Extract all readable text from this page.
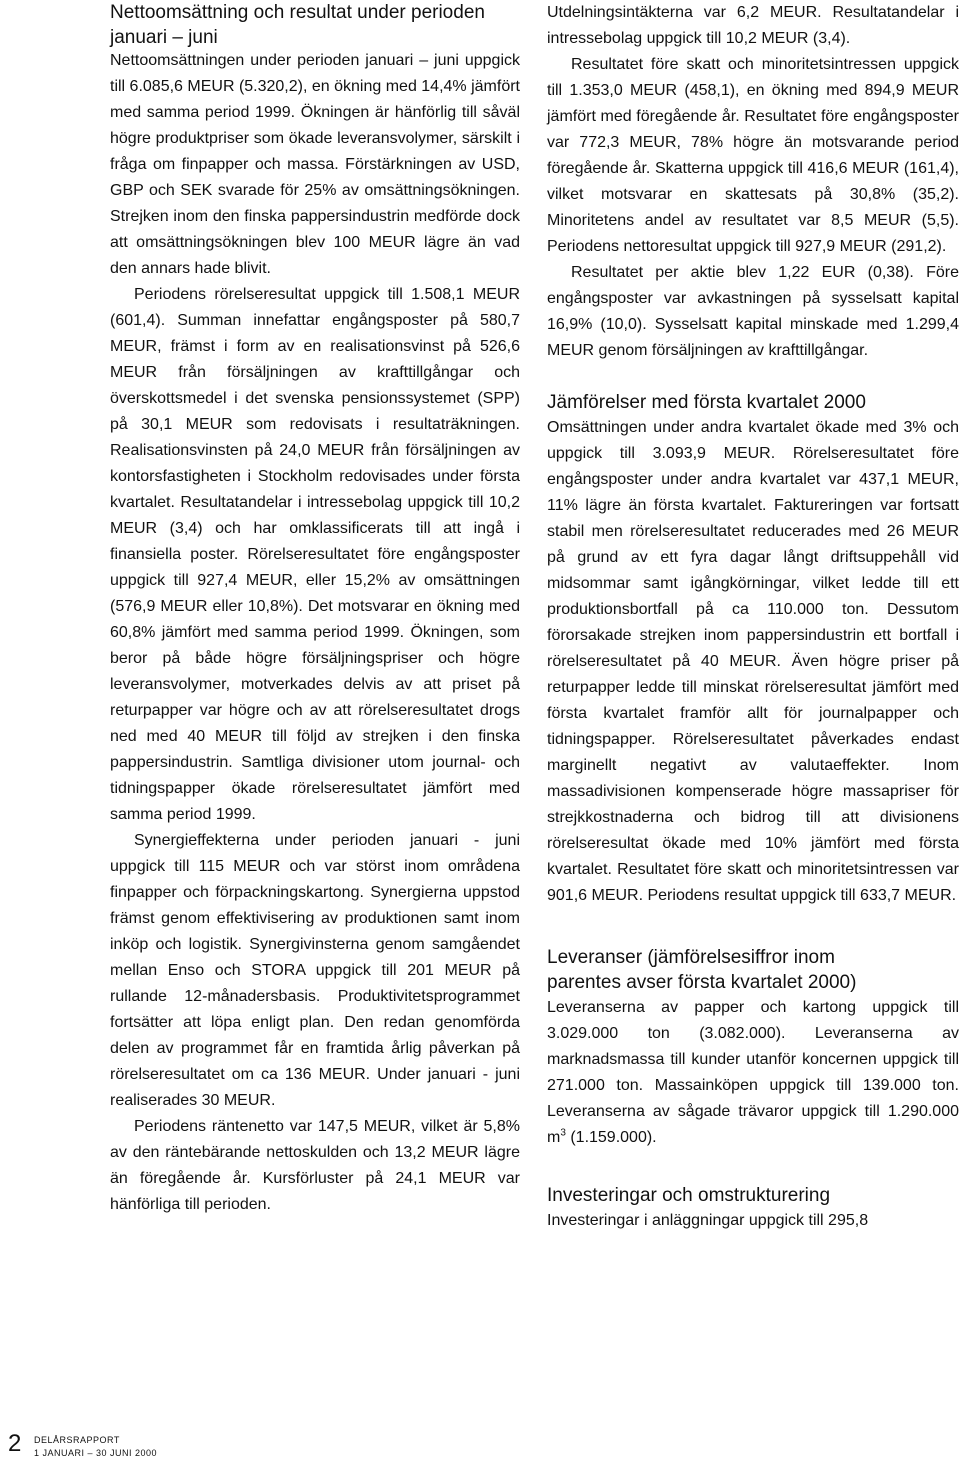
Nettoomsättning och resultat under perioden januari – juni

Nettoomsättningen under perioden januari – juni uppgick till 6.085,6 MEUR (5.320,2), en ökning med 14,4% jämfört med samma period 1999. Ökningen är hänförlig till såväl högre produktpriser som ökade leveransvolymer, särskilt i fråga om finpapper och massa. Förstärkningen av USD, GBP och SEK svarade för 25% av omsättningsökningen. Strejken inom den finska pappersindustrin medförde dock att omsättningsökningen blev 100 MEUR lägre än vad den annars hade blivit.

Periodens rörelseresultat uppgick till 1.508,1 MEUR (601,4). Summan innefattar engångsposter på 580,7 MEUR, främst i form av en realisationsvinst på 526,6 MEUR från försäljningen av krafttillgångar och överskottsmedel i det svenska pensionssystemet (SPP) på 30,1 MEUR som redovisats i resultaträkningen. Realisationsvinsten på 24,0 MEUR från försäljningen av kontorsfastigheten i Stockholm redovisades under första kvartalet. Resultatandelar i intressebolag uppgick till 10,2 MEUR (3,4) och har omklassificerats till att ingå i finansiella poster. Rörelseresultatet före engångsposter uppgick till 927,4 MEUR, eller 15,2% av omsättningen (576,9 MEUR eller 10,8%). Det motsvarar en ökning med 60,8% jämfört med samma period 1999. Ökningen, som beror på både högre försäljningspriser och högre leveransvolymer, motverkades delvis av att priset på returpapper var högre och av att rörelseresultatet drogs ned med 40 MEUR till följd av strejken i den finska pappersindustrin. Samtliga divisioner utom journal- och tidningspapper ökade rörelseresultatet jämfört med samma period 1999.

Synergieffekterna under perioden januari - juni uppgick till 115 MEUR och var störst inom områdena finpapper och förpackningskartong. Synergierna uppstod främst genom effektivisering av produktionen samt inom inköp och logistik. Synergivinsterna genom samgåendet mellan Enso och STORA uppgick till 201 MEUR på rullande 12-månadersbasis. Produktivitetsprogrammet fortsätter att löpa enligt plan. Den redan genomförda delen av programmet får en framtida årlig påverkan på rörelseresultatet om ca 136 MEUR. Under januari - juni realiserades 30 MEUR.

Periodens räntenetto var 147,5 MEUR, vilket är 5,8% av den räntebärande nettoskulden och 13,2 MEUR lägre än föregående år. Kursförluster på 24,1 MEUR var hänförliga till perioden.

Utdelningsintäkterna var 6,2 MEUR. Resultatandelar i intressebolag uppgick till 10,2 MEUR (3,4).

Resultatet före skatt och minoritetsintressen uppgick till 1.353,0 MEUR (458,1), en ökning med 894,9 MEUR jämfört med föregående år. Resultatet före engångsposter var 772,3 MEUR, 78% högre än motsvarande period föregående år. Skatterna uppgick till 416,6 MEUR (161,4), vilket motsvarar en skattesats på 30,8% (35,2). Minoritetens andel av resultatet var 8,5 MEUR (5,5). Periodens nettoresultat uppgick till 927,9 MEUR (291,2).

Resultatet per aktie blev 1,22 EUR (0,38). Före engångsposter var avkastningen på sysselsatt kapital 16,9% (10,0). Sysselsatt kapital minskade med 1.299,4 MEUR genom försäljningen av krafttillgångar.

Jämförelser med första kvartalet 2000

Omsättningen under andra kvartalet ökade med 3% och uppgick till 3.093,9 MEUR. Rörelseresultatet före engångsposter under andra kvartalet var 437,1 MEUR, 11% lägre än första kvartalet. Faktureringen var fortsatt stabil men rörelseresultatet reducerades med 26 MEUR på grund av ett fyra dagar långt driftsuppehåll vid midsommar samt igångkörningar, vilket ledde till ett produktionsbortfall på ca 110.000 ton. Dessutom förorsakade strejken inom pappersindustrin ett bortfall i rörelseresultatet på 40 MEUR. Även högre priser på returpapper ledde till minskat rörelseresultat jämfört med första kvartalet framför allt för journalpapper och tidningspapper. Rörelseresultatet påverkades endast marginellt negativt av valutaeffekter. Inom massadivisionen kompenserade högre massapriser för strejkkostnaderna och bidrog till att divisionens rörelseresultat ökade med 10% jämfört med första kvartalet. Resultatet före skatt och minoritetsintressen var 901,6 MEUR. Periodens resultat uppgick till 633,7 MEUR.

Leveranser (jämförelsesiffror inom
parentes avser första kvartalet 2000)

Leveranserna av papper och kartong uppgick till 3.029.000 ton (3.082.000). Leveranserna av marknadsmassa till kunder utanför koncernen uppgick till 271.000 ton. Massainköpen uppgick till 139.000 ton. Leveranserna av sågade trävaror uppgick till 1.290.000 $m^3$ (1.159.000).

Investeringar och omstrukturering

Investeringar i anläggningar uppgick till 295,8

2 DELÅRSRAPPORT
1 JANUARI – 30 JUNI 2000
